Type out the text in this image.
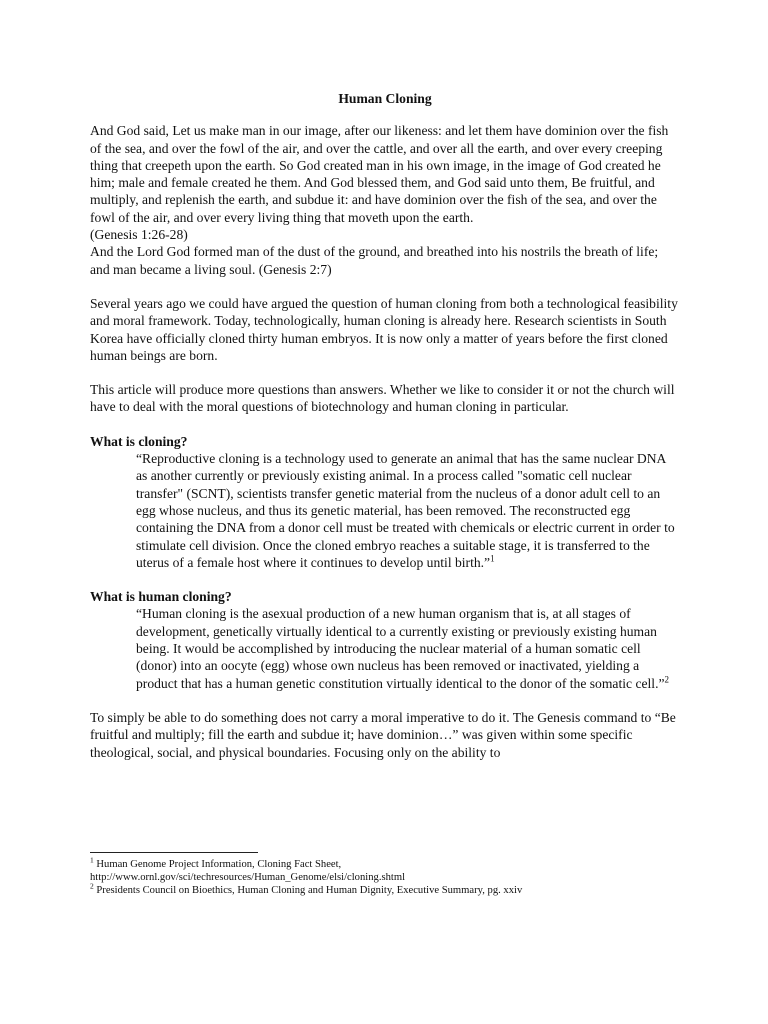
Human Cloning

And God said, Let us make man in our image, after our likeness: and let them have dominion over the fish of the sea, and over the fowl of the air, and over the cattle, and over all the earth, and over every creeping thing that creepeth upon the earth. So God created man in his own image, in the image of God created he him; male and female created he them. And God blessed them, and God said unto them, Be fruitful, and multiply, and replenish the earth, and subdue it: and have dominion over the fish of the sea, and over the fowl of the air, and over every living thing that moveth upon the earth.

(Genesis 1:26-28)

And the Lord God formed man of the dust of the ground, and breathed into his nostrils the breath of life; and man became a living soul. (Genesis 2:7)

Several years ago we could have argued the question of human cloning from both a technological feasibility and moral framework. Today, technologically, human cloning is already here. Research scientists in South Korea have officially cloned thirty human embryos. It is now only a matter of years before the first cloned human beings are born.

This article will produce more questions than answers. Whether we like to consider it or not the church will have to deal with the moral questions of biotechnology and human cloning in particular.

What is cloning?

“Reproductive cloning is a technology used to generate an animal that has the same nuclear DNA as another currently or previously existing animal. In a process called "somatic cell nuclear transfer" (SCNT), scientists transfer genetic material from the nucleus of a donor adult cell to an egg whose nucleus, and thus its genetic material, has been removed. The reconstructed egg containing the DNA from a donor cell must be treated with chemicals or electric current in order to stimulate cell division. Once the cloned embryo reaches a suitable stage, it is transferred to the uterus of a female host where it continues to develop until birth.”$^1$

What is human cloning?

“Human cloning is the asexual production of a new human organism that is, at all stages of development, genetically virtually identical to a currently existing or previously existing human being. It would be accomplished by introducing the nuclear material of a human somatic cell (donor) into an oocyte (egg) whose own nucleus has been removed or inactivated, yielding a product that has a human genetic constitution virtually identical to the donor of the somatic cell.”$^2$

To simply be able to do something does not carry a moral imperative to do it. The Genesis command to “Be fruitful and multiply; fill the earth and subdue it; have dominion…” was given within some specific theological, social, and physical boundaries. Focusing only on the ability to

$^1$ Human Genome Project Information, Cloning Fact Sheet,
http://www.ornl.gov/sci/techresources/Human_Genome/elsi/cloning.shtml
$^2$ Presidents Council on Bioethics, Human Cloning and Human Dignity, Executive Summary, pg. xxiv
